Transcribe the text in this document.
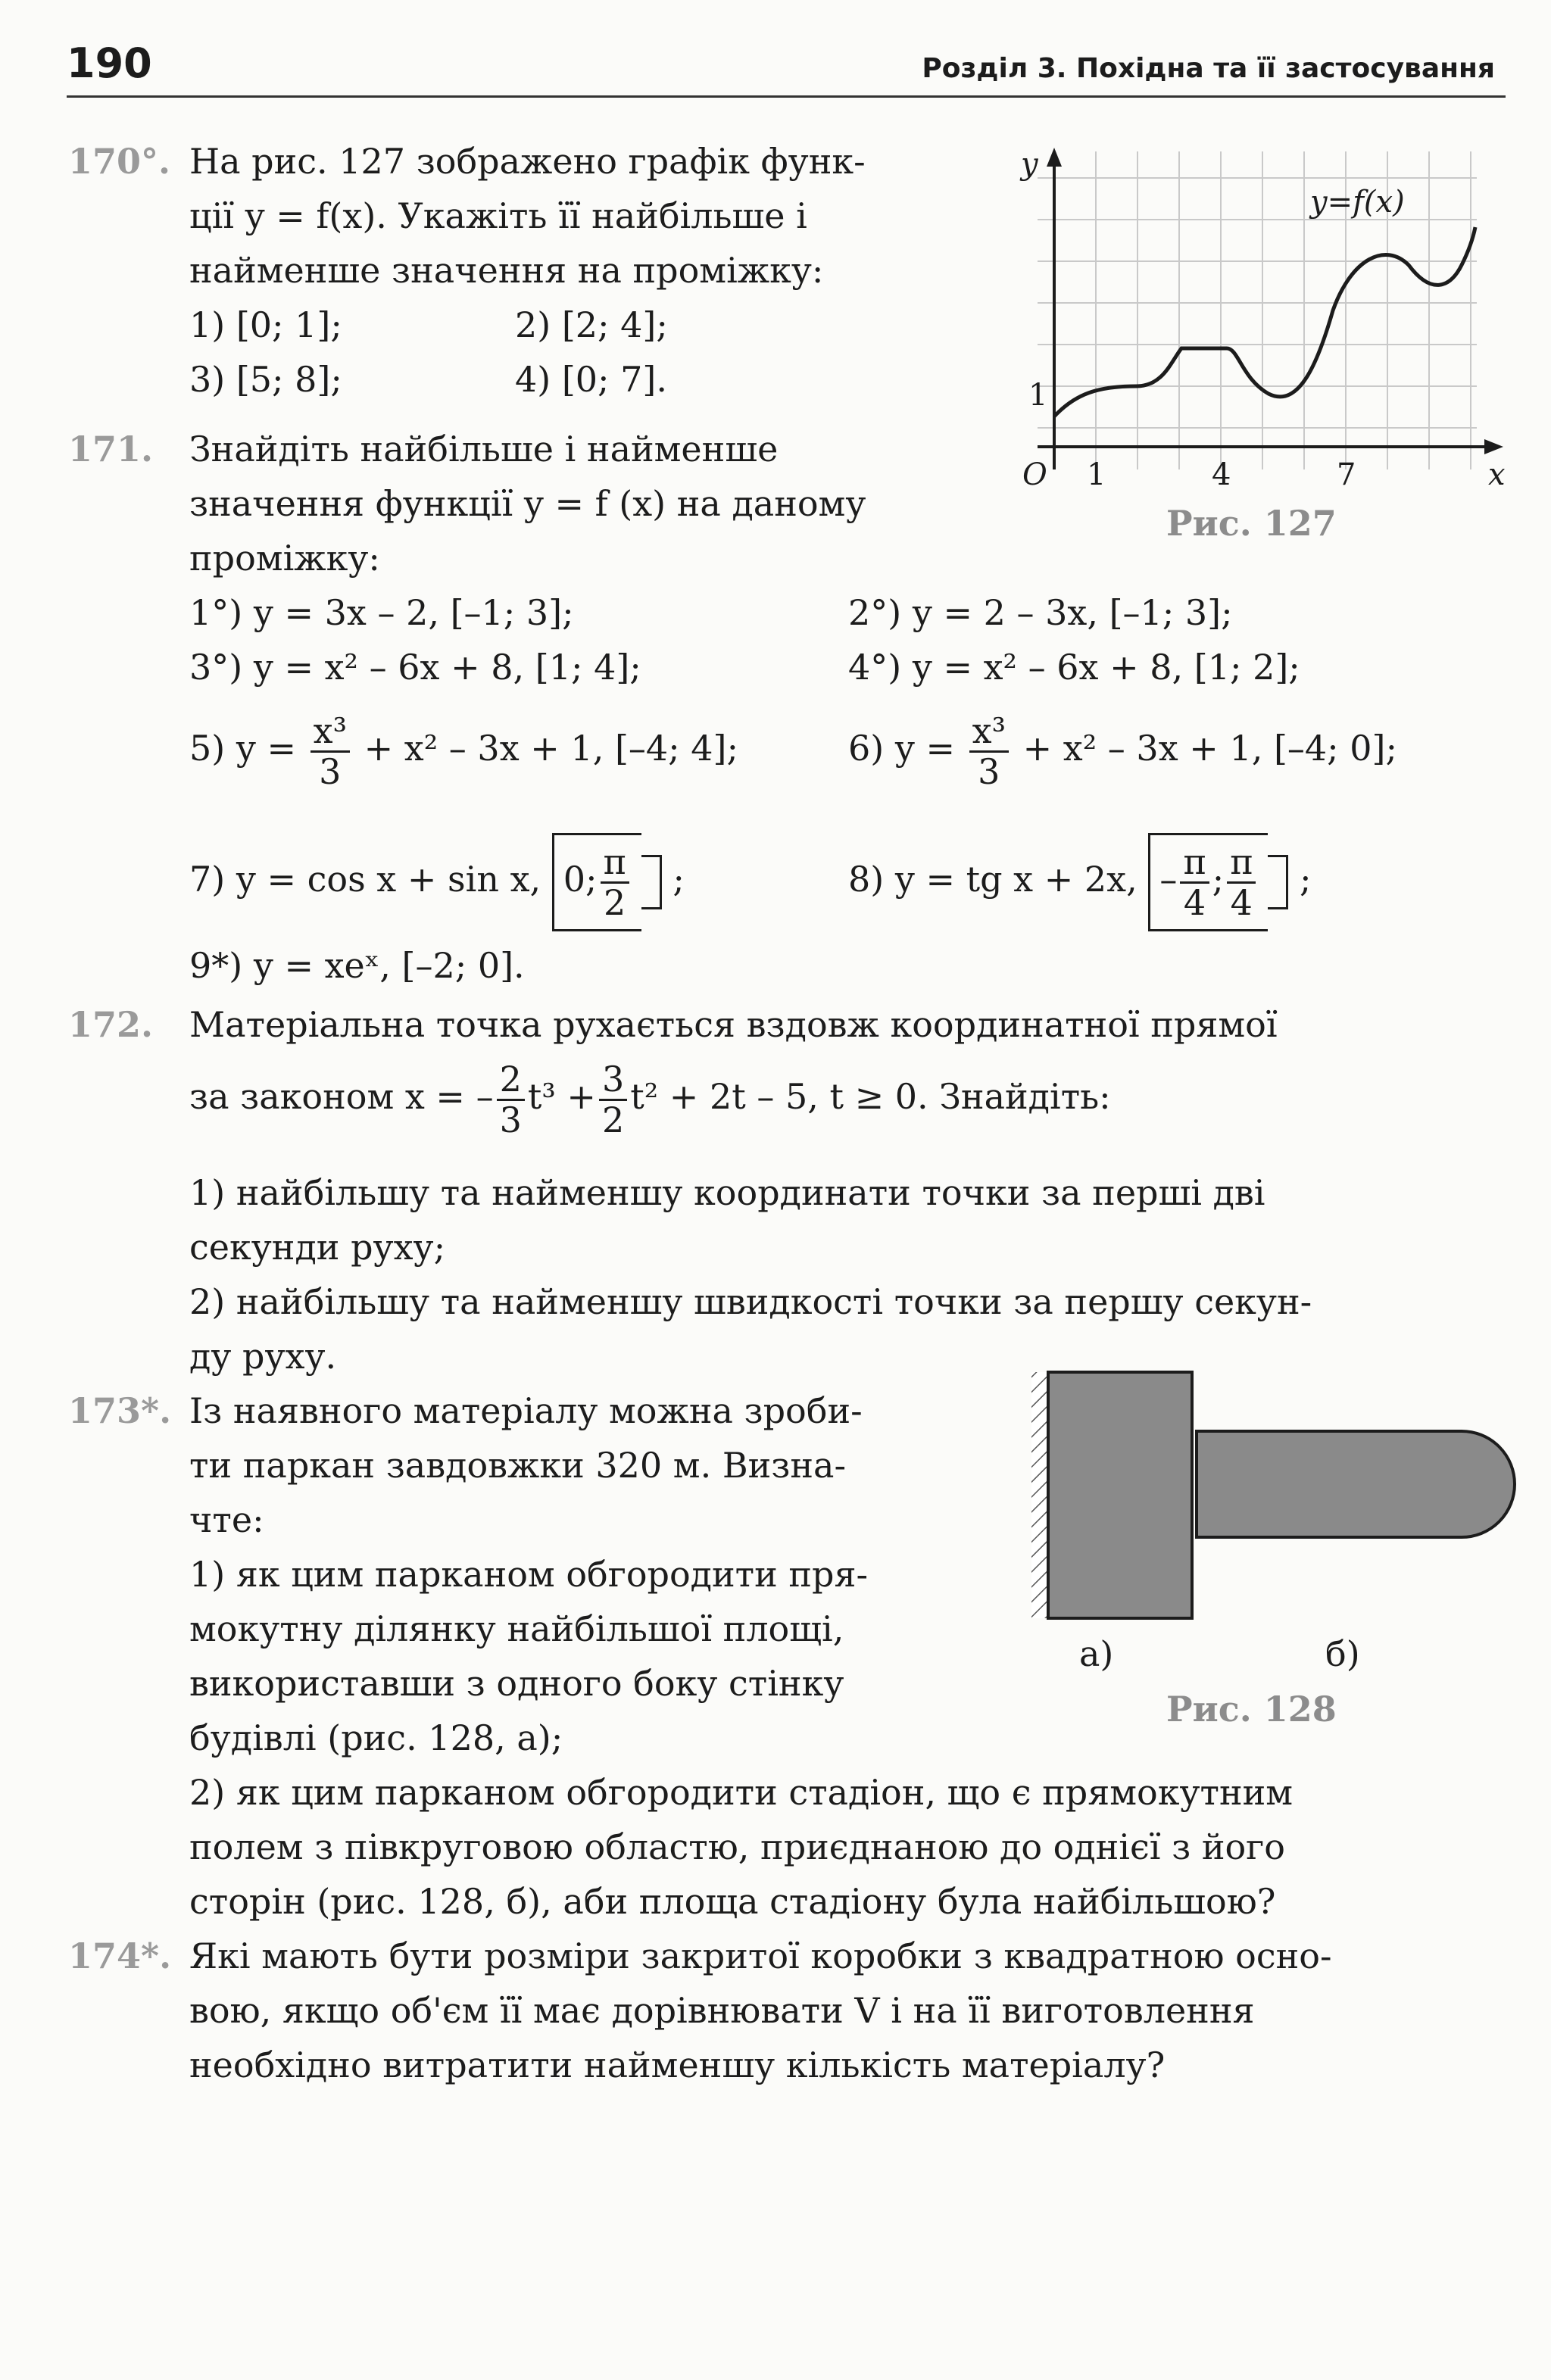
190	Розділ 3. Похідна та її застосування
y
x
O 1	4	7
1
y=f(x)
Рис. 127
170°. На рис. 127 зображено графік функ-
ції y = f(x). Укажіть її найбільше і
найменше значення на проміжку:
1) [0; 1];	2) [2; 4];
3) [5; 8];	4) [0; 7].
171. Знайдіть найбільше і найменше
значення функції y = f (x) на даному
проміжку:
1°) y = 3x – 2, [–1; 3];	2°) y = 2 – 3x, [–1; 3];
3°) y = x² – 6x + 8, [1; 4];	4°) y = x² – 6x + 8, [1; 2];
5) $y = \frac{\text{x³}}{3} + x^2 - 3x + 1$, [–4; 4];	6) $y = \frac{\text{x³}}{3} + x^2 - 3x + 1$, [–4; 0];
7) y = cos x + sin x, 0; $\frac{\pi}{2}$ ;	8) y = tg x + 2x, – $\frac{\pi}{4}$ ; $\frac{\pi}{4}$ ;
9*) y = xeˣ, [–2; 0].
172. Матеріальна точка рухається вздовж координатної прямої
за законом x = – $\frac{2}{3} t^3 + \frac{3}{2} t^2 + 2t - 5$, t ≥ 0. Знайдіть:
1) найбільшу та найменшу координати точки за перші дві
секунди руху;
2) найбільшу та найменшу швидкості точки за першу секун-
ду руху.
а)	б)
Рис. 128
173*. Із наявного матеріалу можна зроби-
ти паркан завдовжки 320 м. Визна-
чте:
1) як цим парканом обгородити пря-
мокутну ділянку найбільшої площі,
використавши з одного боку стінку
будівлі (рис. 128, а);
2) як цим парканом обгородити стадіон, що є прямокутним
полем з півкруговою областю, приєднаною до однієї з його
сторін (рис. 128, б), аби площа стадіону була найбільшою?
174*. Які мають бути розміри закритої коробки з квадратною осно-
вою, якщо об'єм її має дорівнювати V і на її виготовлення
необхідно витратити найменшу кількість матеріалу?
